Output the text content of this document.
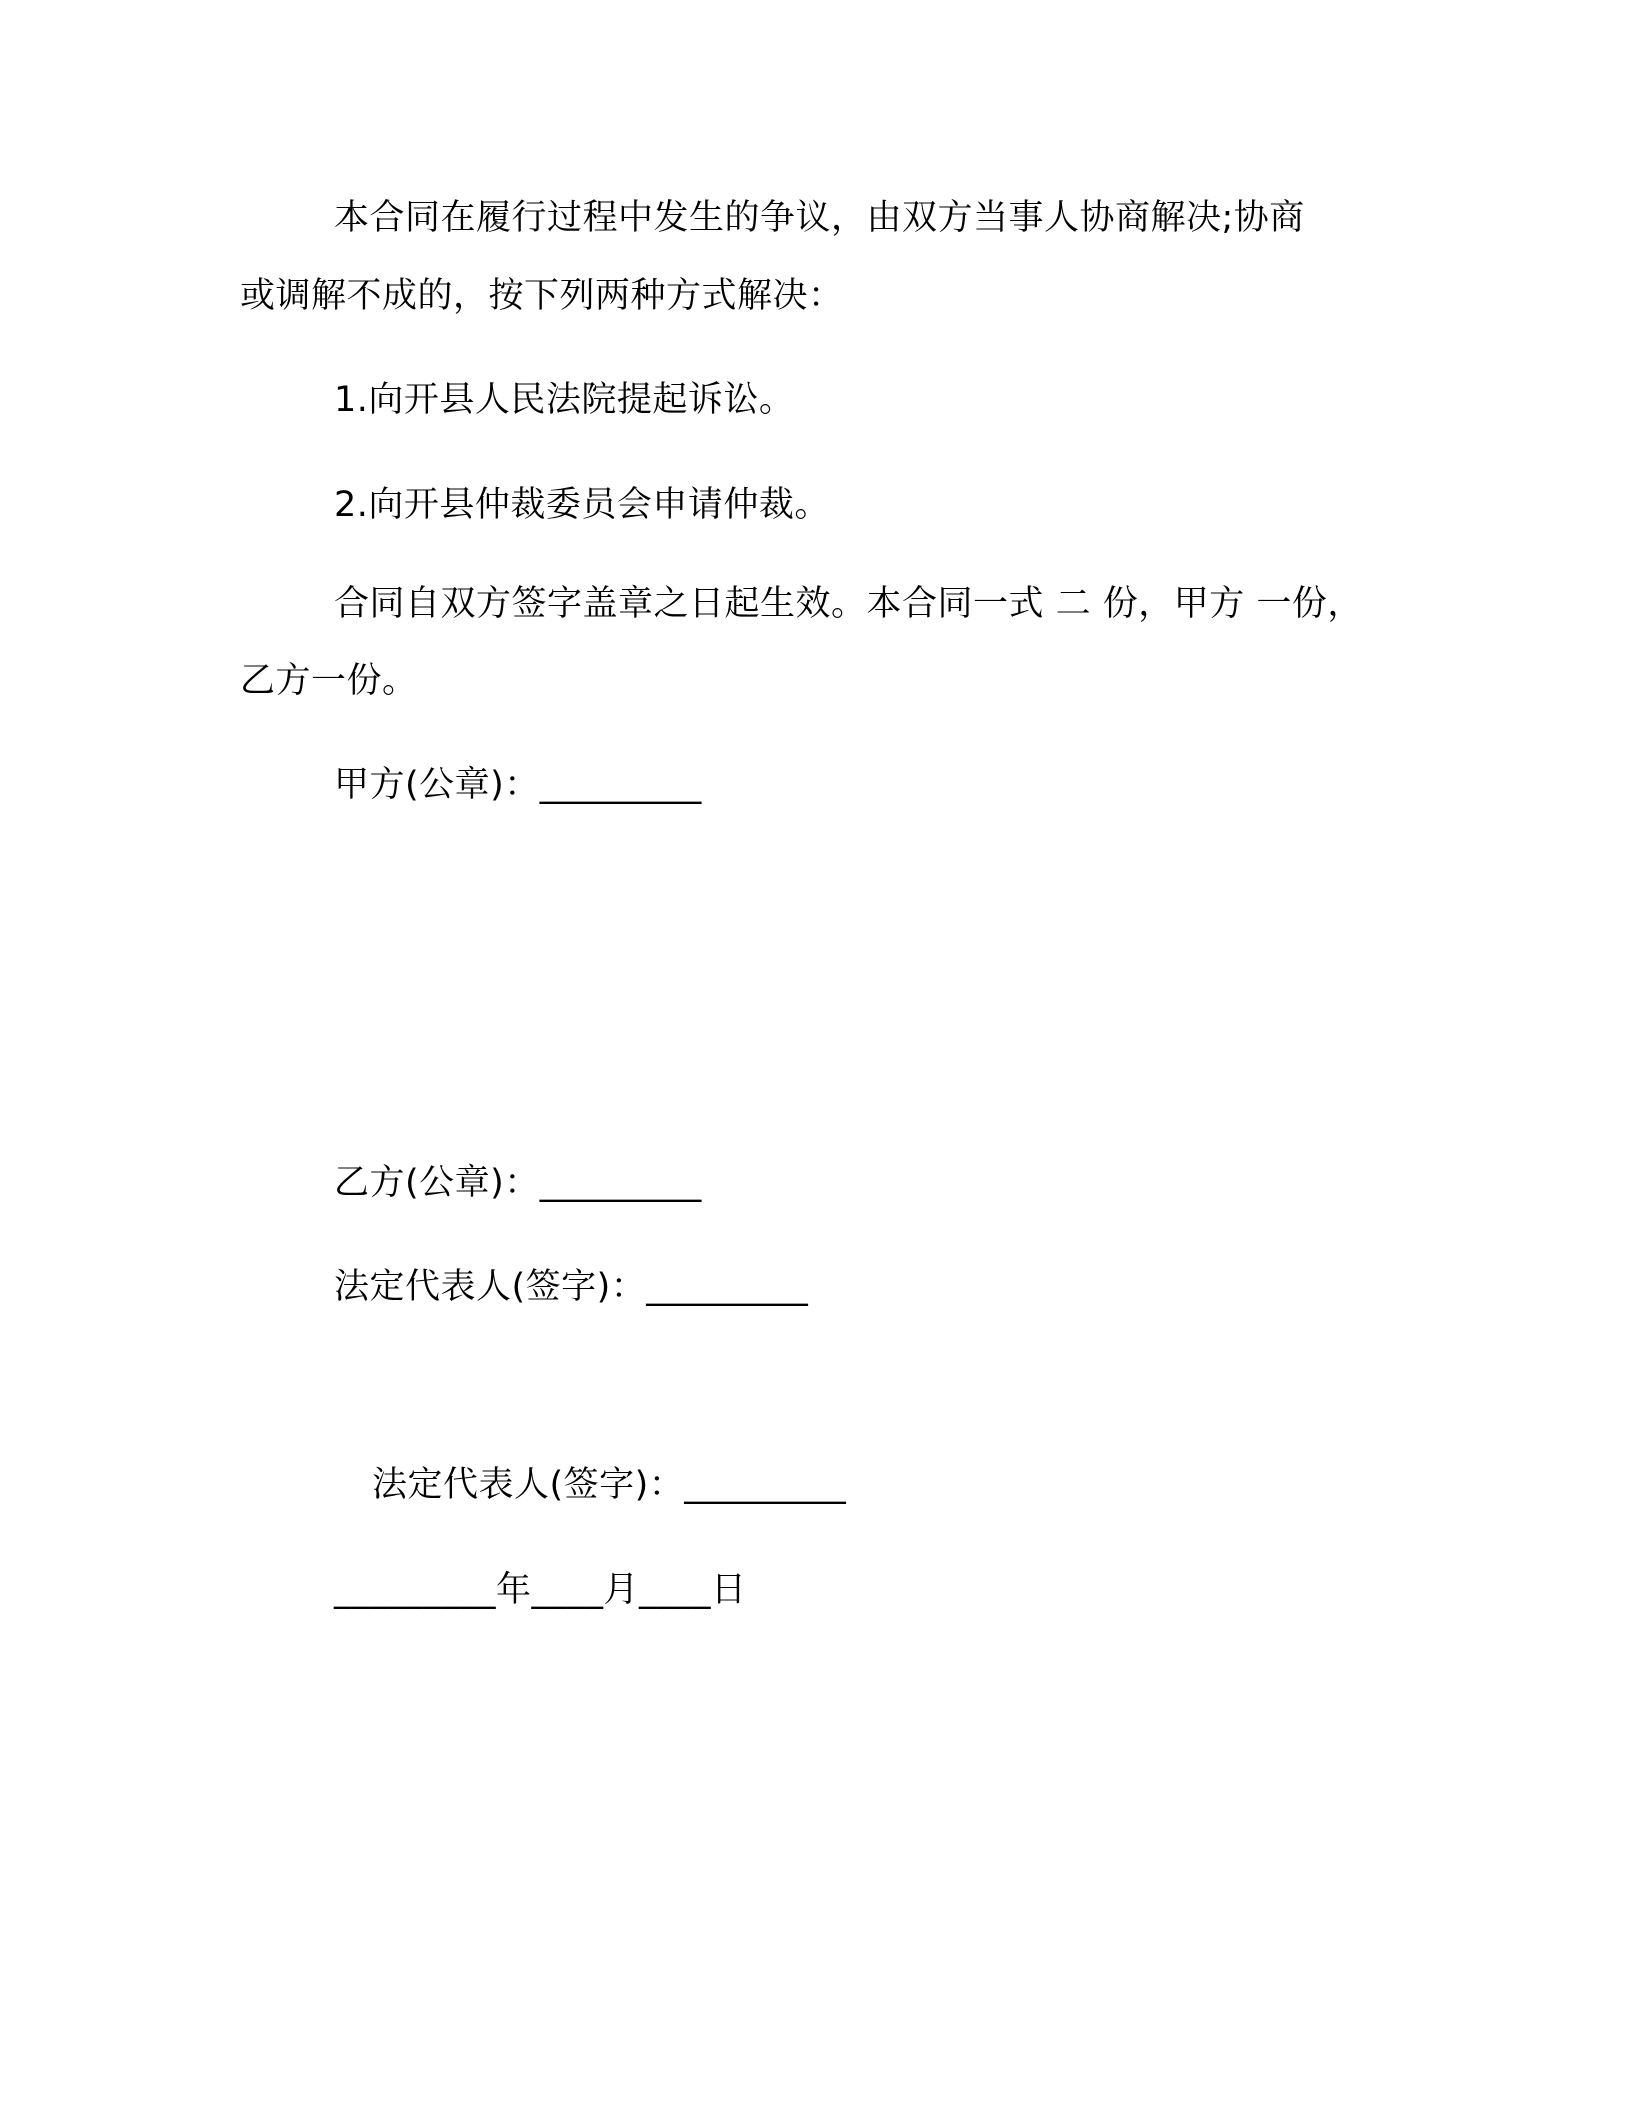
本合同在履行过程中发生的争议，由双方当事人协商解决;协商
或调解不成的，按下列两种方式解决：
1.向开县人民法院提起诉讼。
2.向开县仲裁委员会申请仲裁。
合同自双方签字盖章之日起生效。本合同一式 二 份，甲方 一份，
乙方一份。
甲方(公章)：_________
乙方(公章)：_________
法定代表人(签字)：_________
法定代表人(签字)：_________
_________年____月____日
